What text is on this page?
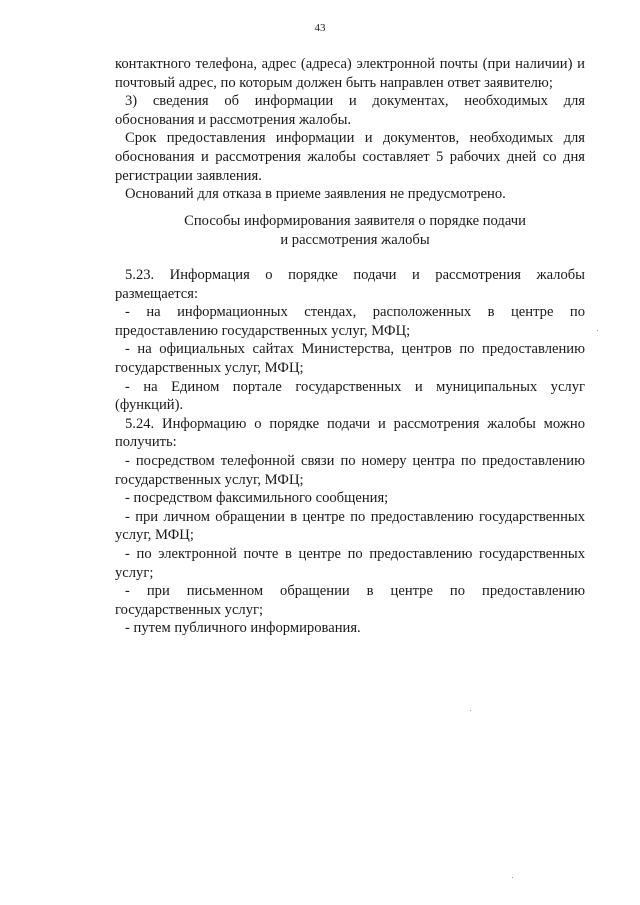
43
контактного телефона, адрес (адреса) электронной почты (при наличии) и
почтовый адрес, по которым должен быть направлен ответ заявителю;
3) сведения об информации и документах, необходимых для
обоснования и рассмотрения жалобы.
Срок предоставления информации и документов, необходимых для
обоснования и рассмотрения жалобы составляет 5 рабочих дней со дня
регистрации заявления.
Оснований для отказа в приеме заявления не предусмотрено.
Способы информирования заявителя о порядке подачи
и рассмотрения жалобы
5.23. Информация о порядке подачи и рассмотрения жалобы
размещается:
- на информационных стендах, расположенных в центре по
предоставлению государственных услуг, МФЦ;
- на официальных сайтах Министерства, центров по предоставлению
государственных услуг, МФЦ;
- на Едином портале государственных и муниципальных услуг
(функций).
5.24. Информацию о порядке подачи и рассмотрения жалобы можно
получить:
- посредством телефонной связи по номеру центра по предоставлению
государственных услуг, МФЦ;
- посредством факсимильного сообщения;
- при личном обращении в центре по предоставлению государственных
услуг, МФЦ;
- по электронной почте в центре по предоставлению государственных
услуг;
- при письменном обращении в центре по предоставлению
государственных услуг;
- путем публичного информирования.
